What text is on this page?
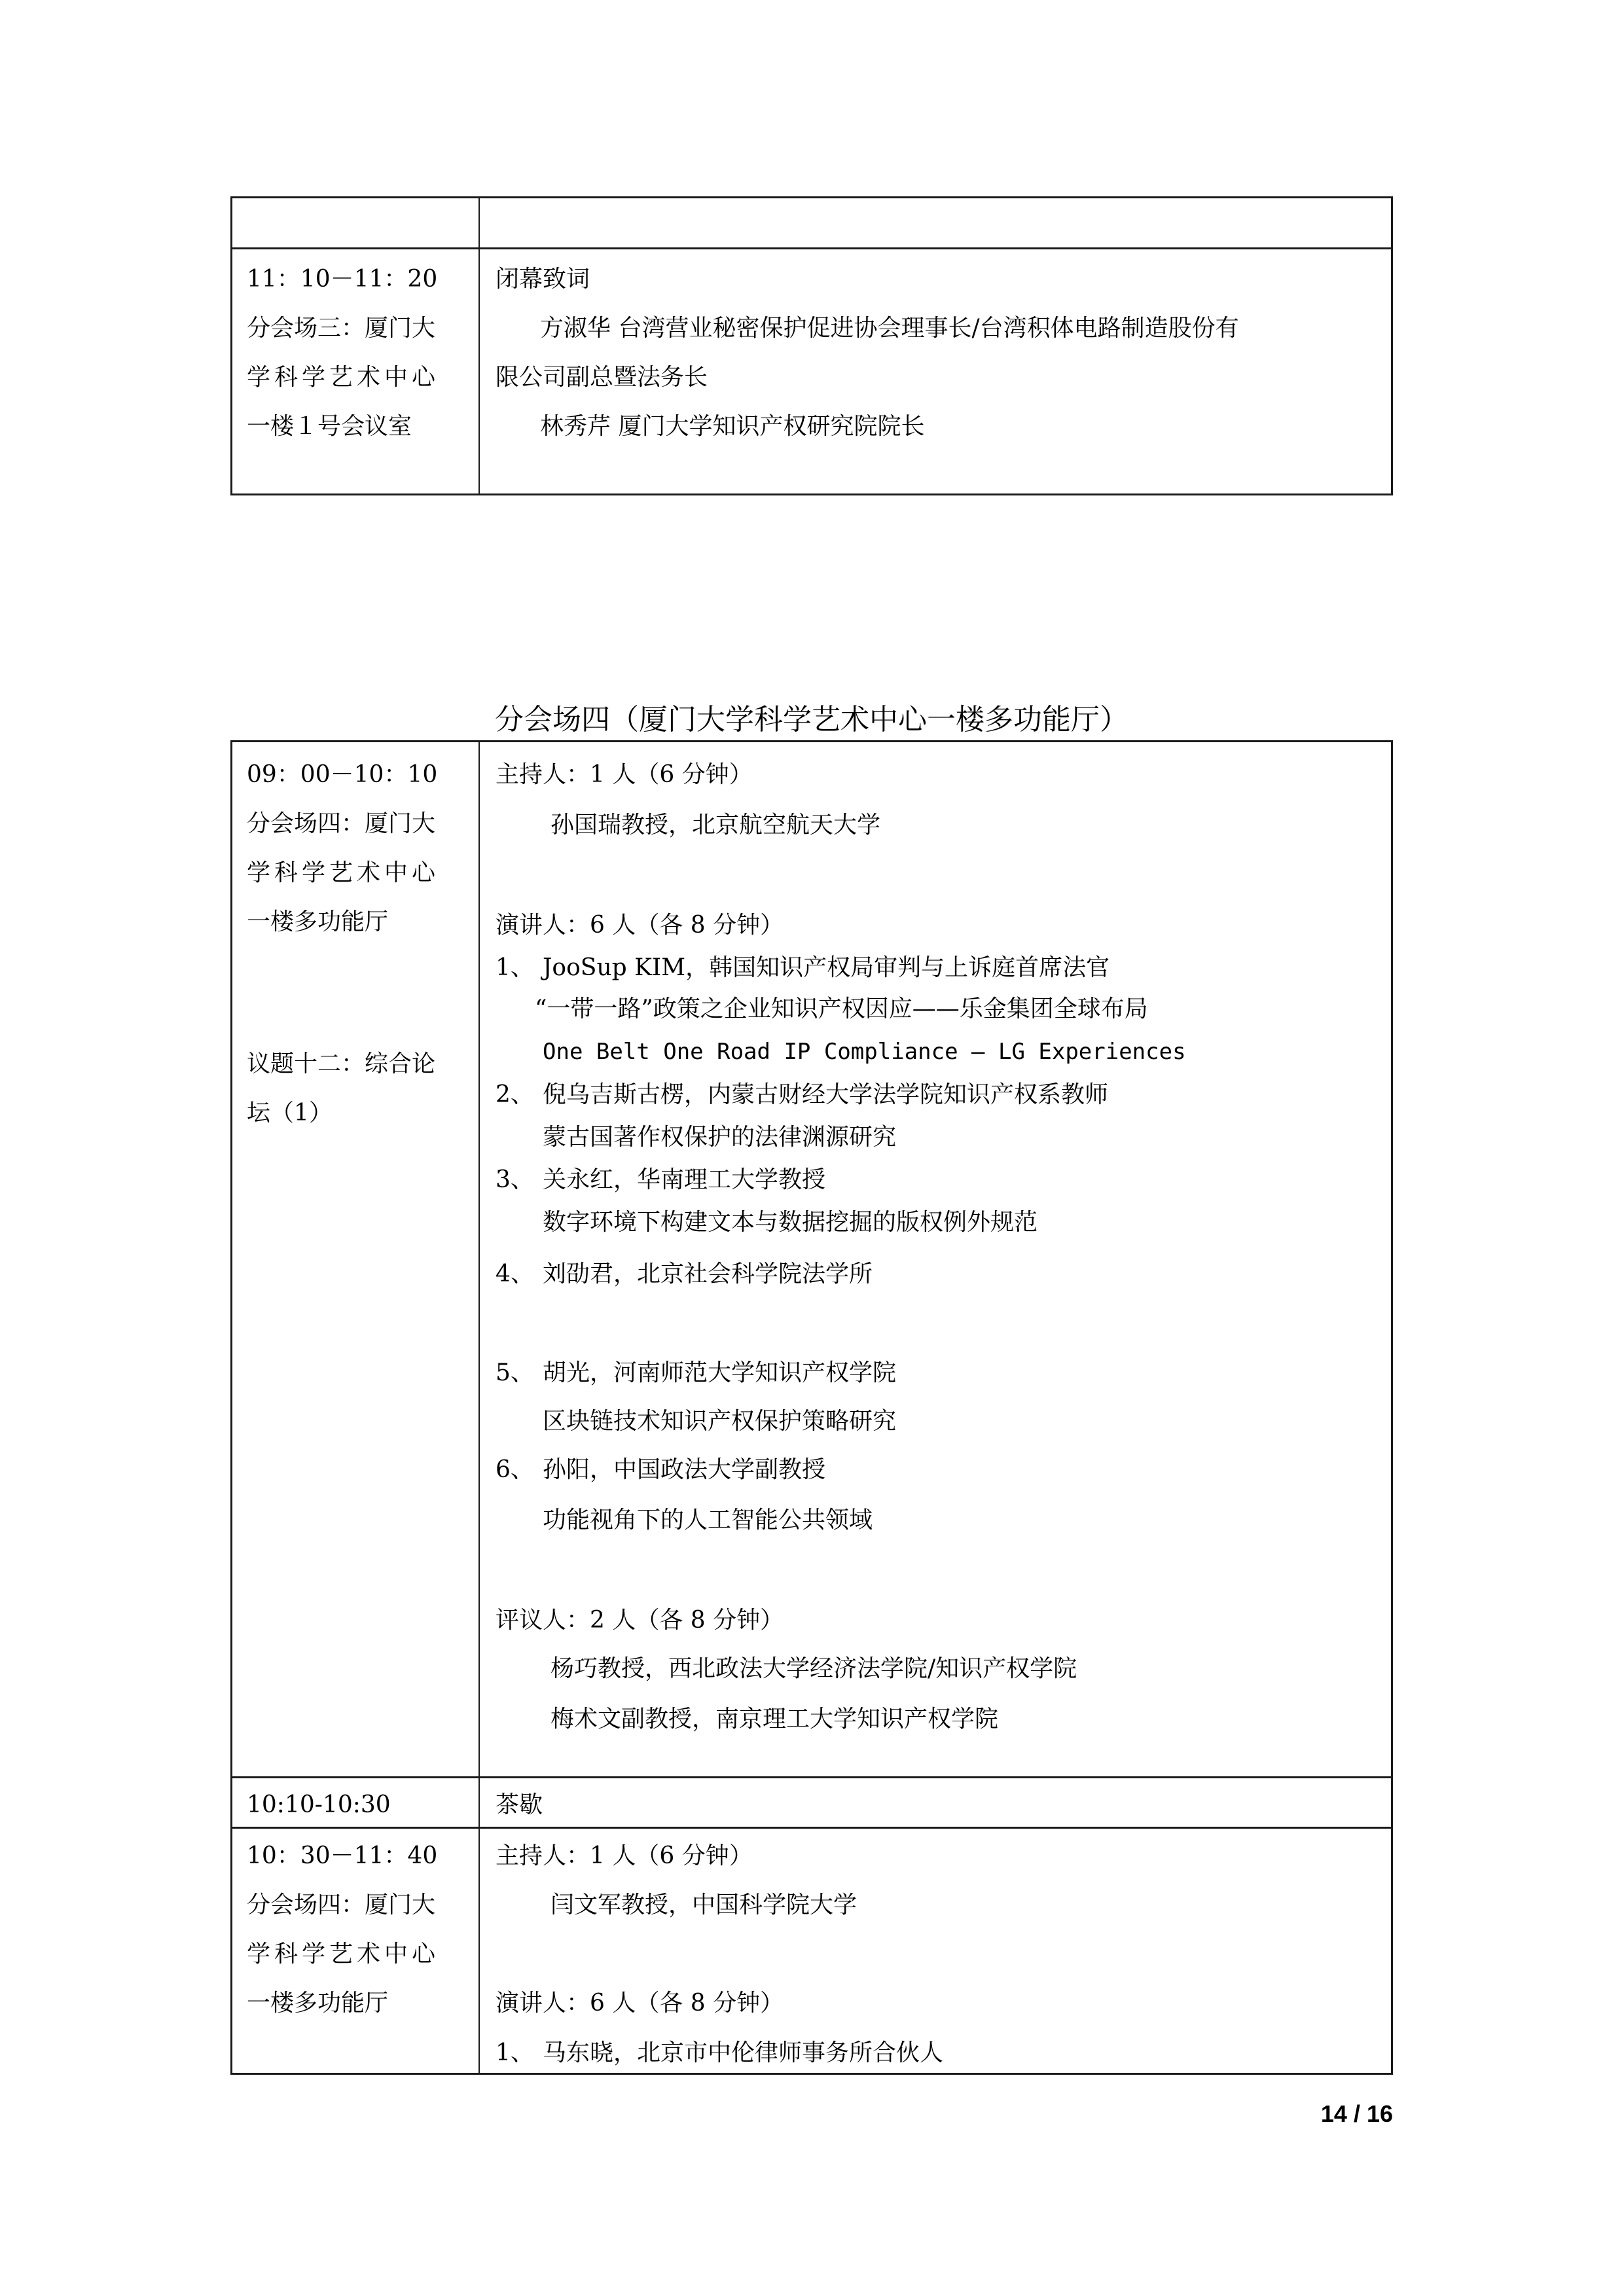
11：10－11：20
分会场三：厦门大
学科学艺术中心
一楼１号会议室
闭幕致词
方淑华 台湾营业秘密保护促进协会理事长/台湾积体电路制造股份有
限公司副总暨法务长
林秀芹 厦门大学知识产权研究院院长
分会场四（厦门大学科学艺术中心一楼多功能厅）
09：00－10：10
分会场四：厦门大
学科学艺术中心
一楼多功能厅
议题十二：综合论
坛（1）
主持人：1 人（6 分钟）
孙国瑞教授，北京航空航天大学
演讲人：6 人（各 8 分钟）
1、 JooSup KIM，韩国知识产权局审判与上诉庭首席法官
“一带一路”政策之企业知识产权因应——乐金集团全球布局
One Belt One Road IP Compliance – LG Experiences
2、 倪乌吉斯古楞，内蒙古财经大学法学院知识产权系教师
蒙古国著作权保护的法律渊源研究
3、 关永红，华南理工大学教授
数字环境下构建文本与数据挖掘的版权例外规范
4、 刘劭君，北京社会科学院法学所
5、 胡光，河南师范大学知识产权学院
区块链技术知识产权保护策略研究
6、 孙阳，中国政法大学副教授
功能视角下的人工智能公共领域
评议人：2 人（各 8 分钟）
杨巧教授，西北政法大学经济法学院/知识产权学院
梅术文副教授，南京理工大学知识产权学院
10:10-10:30	茶歇
10：30－11：40
分会场四：厦门大
学科学艺术中心
一楼多功能厅
主持人：1 人（6 分钟）
闫文军教授，中国科学院大学
演讲人：6 人（各 8 分钟）
1、 马东晓，北京市中伦律师事务所合伙人
14 / 16
